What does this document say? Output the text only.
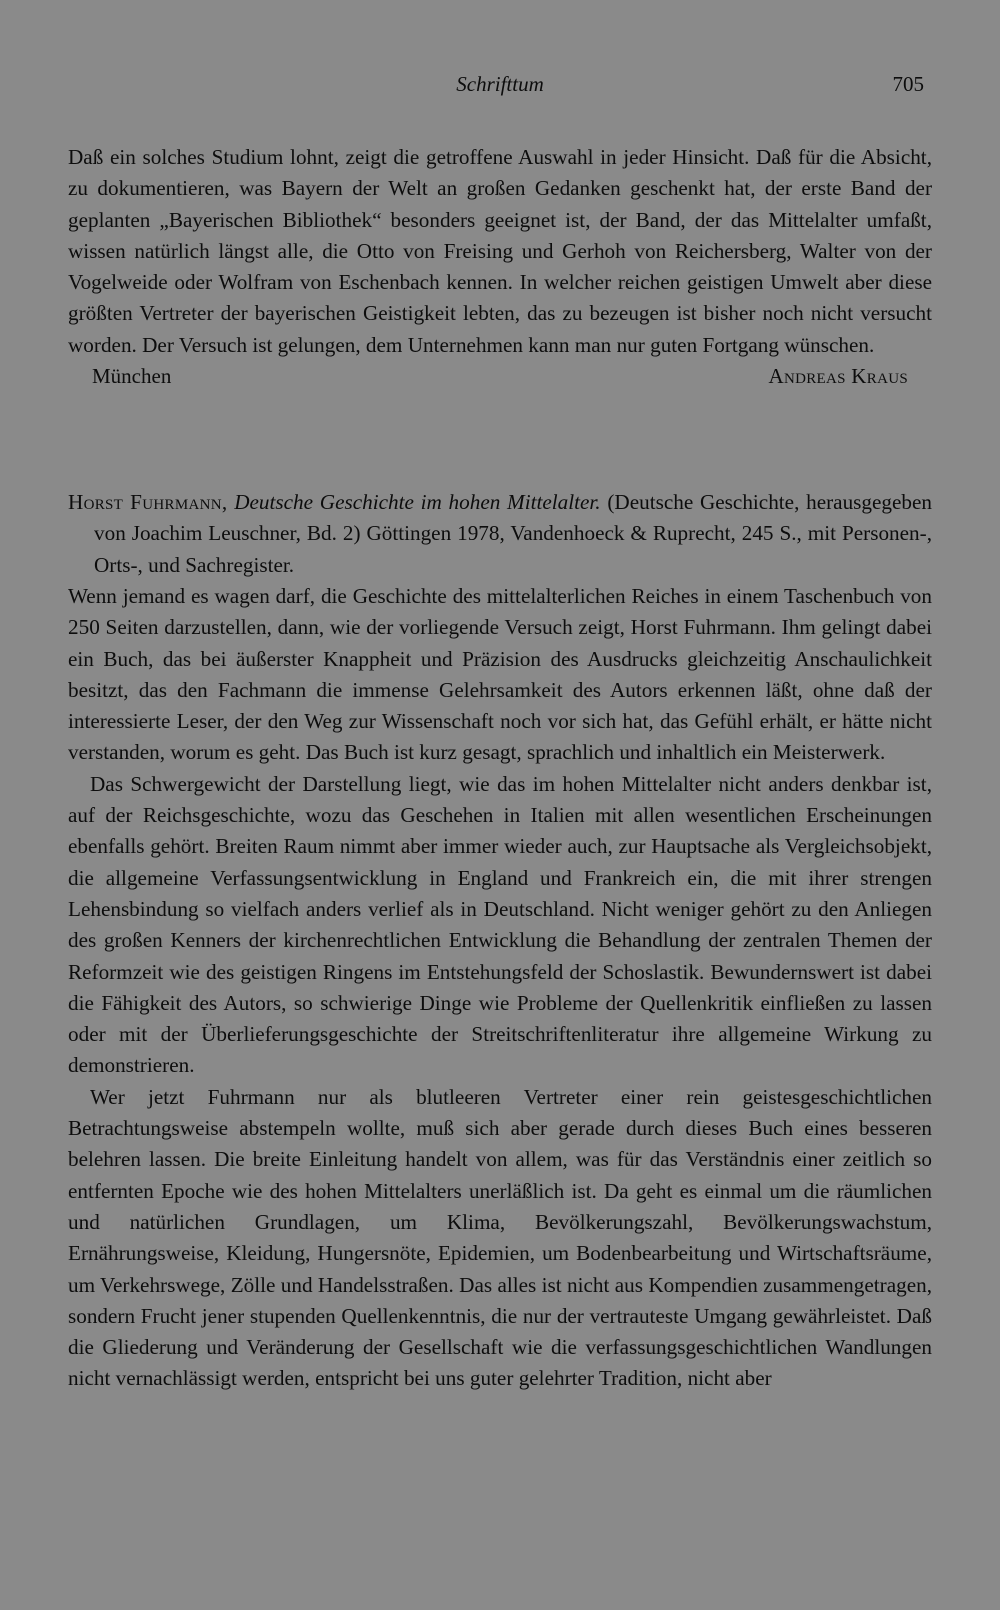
Schrifttum	705

Daß ein solches Studium lohnt, zeigt die getroffene Auswahl in jeder Hinsicht. Daß für die Absicht, zu dokumentieren, was Bayern der Welt an großen Gedanken geschenkt hat, der erste Band der geplanten „Bayerischen Bibliothek“ besonders geeignet ist, der Band, der das Mittelalter umfaßt, wissen natürlich längst alle, die Otto von Freising und Gerhoh von Reichersberg, Walter von der Vogelweide oder Wolfram von Eschenbach kennen. In welcher reichen geistigen Umwelt aber diese größten Vertreter der bayerischen Geistigkeit lebten, das zu bezeugen ist bisher noch nicht versucht worden. Der Versuch ist gelungen, dem Unternehmen kann man nur guten Fortgang wünschen.

München	Andreas Kraus
Horst Fuhrmann, Deutsche Geschichte im hohen Mittelalter. (Deutsche Geschichte, herausgegeben von Joachim Leuschner, Bd. 2) Göttingen 1978, Vandenhoeck & Ruprecht, 245 S., mit Personen-, Orts-, und Sachregister.

Wenn jemand es wagen darf, die Geschichte des mittelalterlichen Reiches in einem Taschenbuch von 250 Seiten darzustellen, dann, wie der vorliegende Versuch zeigt, Horst Fuhrmann. Ihm gelingt dabei ein Buch, das bei äußerster Knappheit und Präzision des Ausdrucks gleichzeitig Anschaulichkeit besitzt, das den Fachmann die immense Gelehrsamkeit des Autors erkennen läßt, ohne daß der interessierte Leser, der den Weg zur Wissenschaft noch vor sich hat, das Gefühl erhält, er hätte nicht verstanden, worum es geht. Das Buch ist kurz gesagt, sprachlich und inhaltlich ein Meisterwerk.

Das Schwergewicht der Darstellung liegt, wie das im hohen Mittelalter nicht anders denkbar ist, auf der Reichsgeschichte, wozu das Geschehen in Italien mit allen wesentlichen Erscheinungen ebenfalls gehört. Breiten Raum nimmt aber immer wieder auch, zur Hauptsache als Vergleichsobjekt, die allgemeine Verfassungsentwicklung in England und Frankreich ein, die mit ihrer strengen Lehensbindung so vielfach anders verlief als in Deutschland. Nicht weniger gehört zu den Anliegen des großen Kenners der kirchenrechtlichen Entwicklung die Behandlung der zentralen Themen der Reformzeit wie des geistigen Ringens im Entstehungsfeld der Schoslastik. Bewundernswert ist dabei die Fähigkeit des Autors, so schwierige Dinge wie Probleme der Quellenkritik einfließen zu lassen oder mit der Überlieferungsgeschichte der Streitschriftenliteratur ihre allgemeine Wirkung zu demonstrieren.

Wer jetzt Fuhrmann nur als blutleeren Vertreter einer rein geistesgeschichtlichen Betrachtungsweise abstempeln wollte, muß sich aber gerade durch dieses Buch eines besseren belehren lassen. Die breite Einleitung handelt von allem, was für das Verständnis einer zeitlich so entfernten Epoche wie des hohen Mittelalters unerläßlich ist. Da geht es einmal um die räumlichen und natürlichen Grundlagen, um Klima, Bevölkerungszahl, Bevölkerungswachstum, Ernährungsweise, Kleidung, Hungersnöte, Epidemien, um Bodenbearbeitung und Wirtschaftsräume, um Verkehrswege, Zölle und Handelsstraßen. Das alles ist nicht aus Kompendien zusammengetragen, sondern Frucht jener stupenden Quellenkenntnis, die nur der vertrauteste Umgang gewährleistet. Daß die Gliederung und Veränderung der Gesellschaft wie die verfassungsgeschichtlichen Wandlungen nicht vernachlässigt werden, entspricht bei uns guter gelehrter Tradition, nicht aber
